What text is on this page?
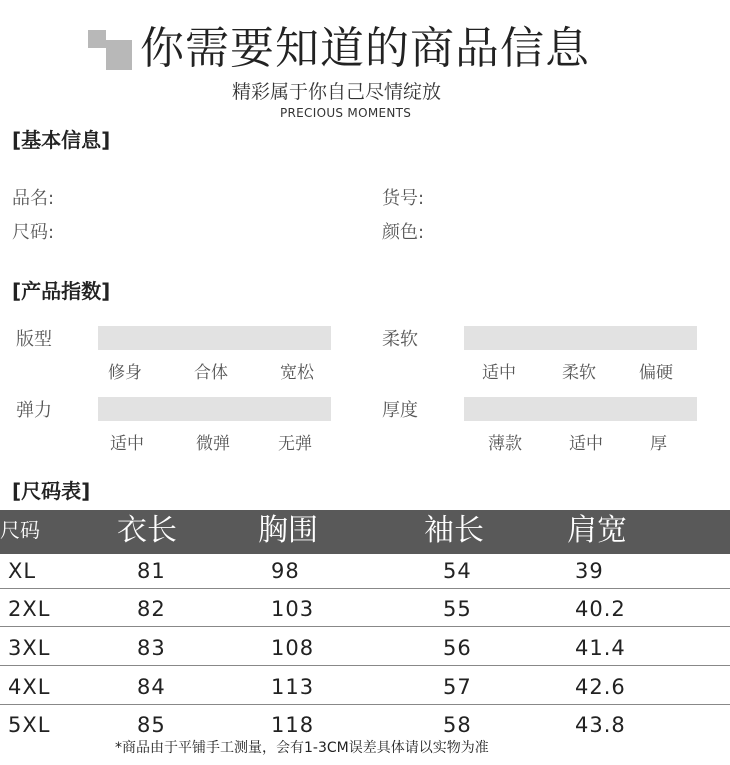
你需要知道的商品信息
精彩属于你自己尽情绽放
PRECIOUS MOMENTS
[基本信息]
品名:	货号:
尺码:	颜色:
[产品指数]
版型
修身	合体	宽松
柔软
适中	柔软	偏硬
弹力
适中	微弹	无弹
厚度
薄款	适中	厚
[尺码表]
尺码	衣长	胸围	袖长	肩宽
XL	81	98	54	39
2XL	82	103	55	40.2
3XL	83	108	56	41.4
4XL	84	113	57	42.6
5XL	85	118	58	43.8
*商品由于平铺手工测量，会有1-3CM误差具体请以实物为准
